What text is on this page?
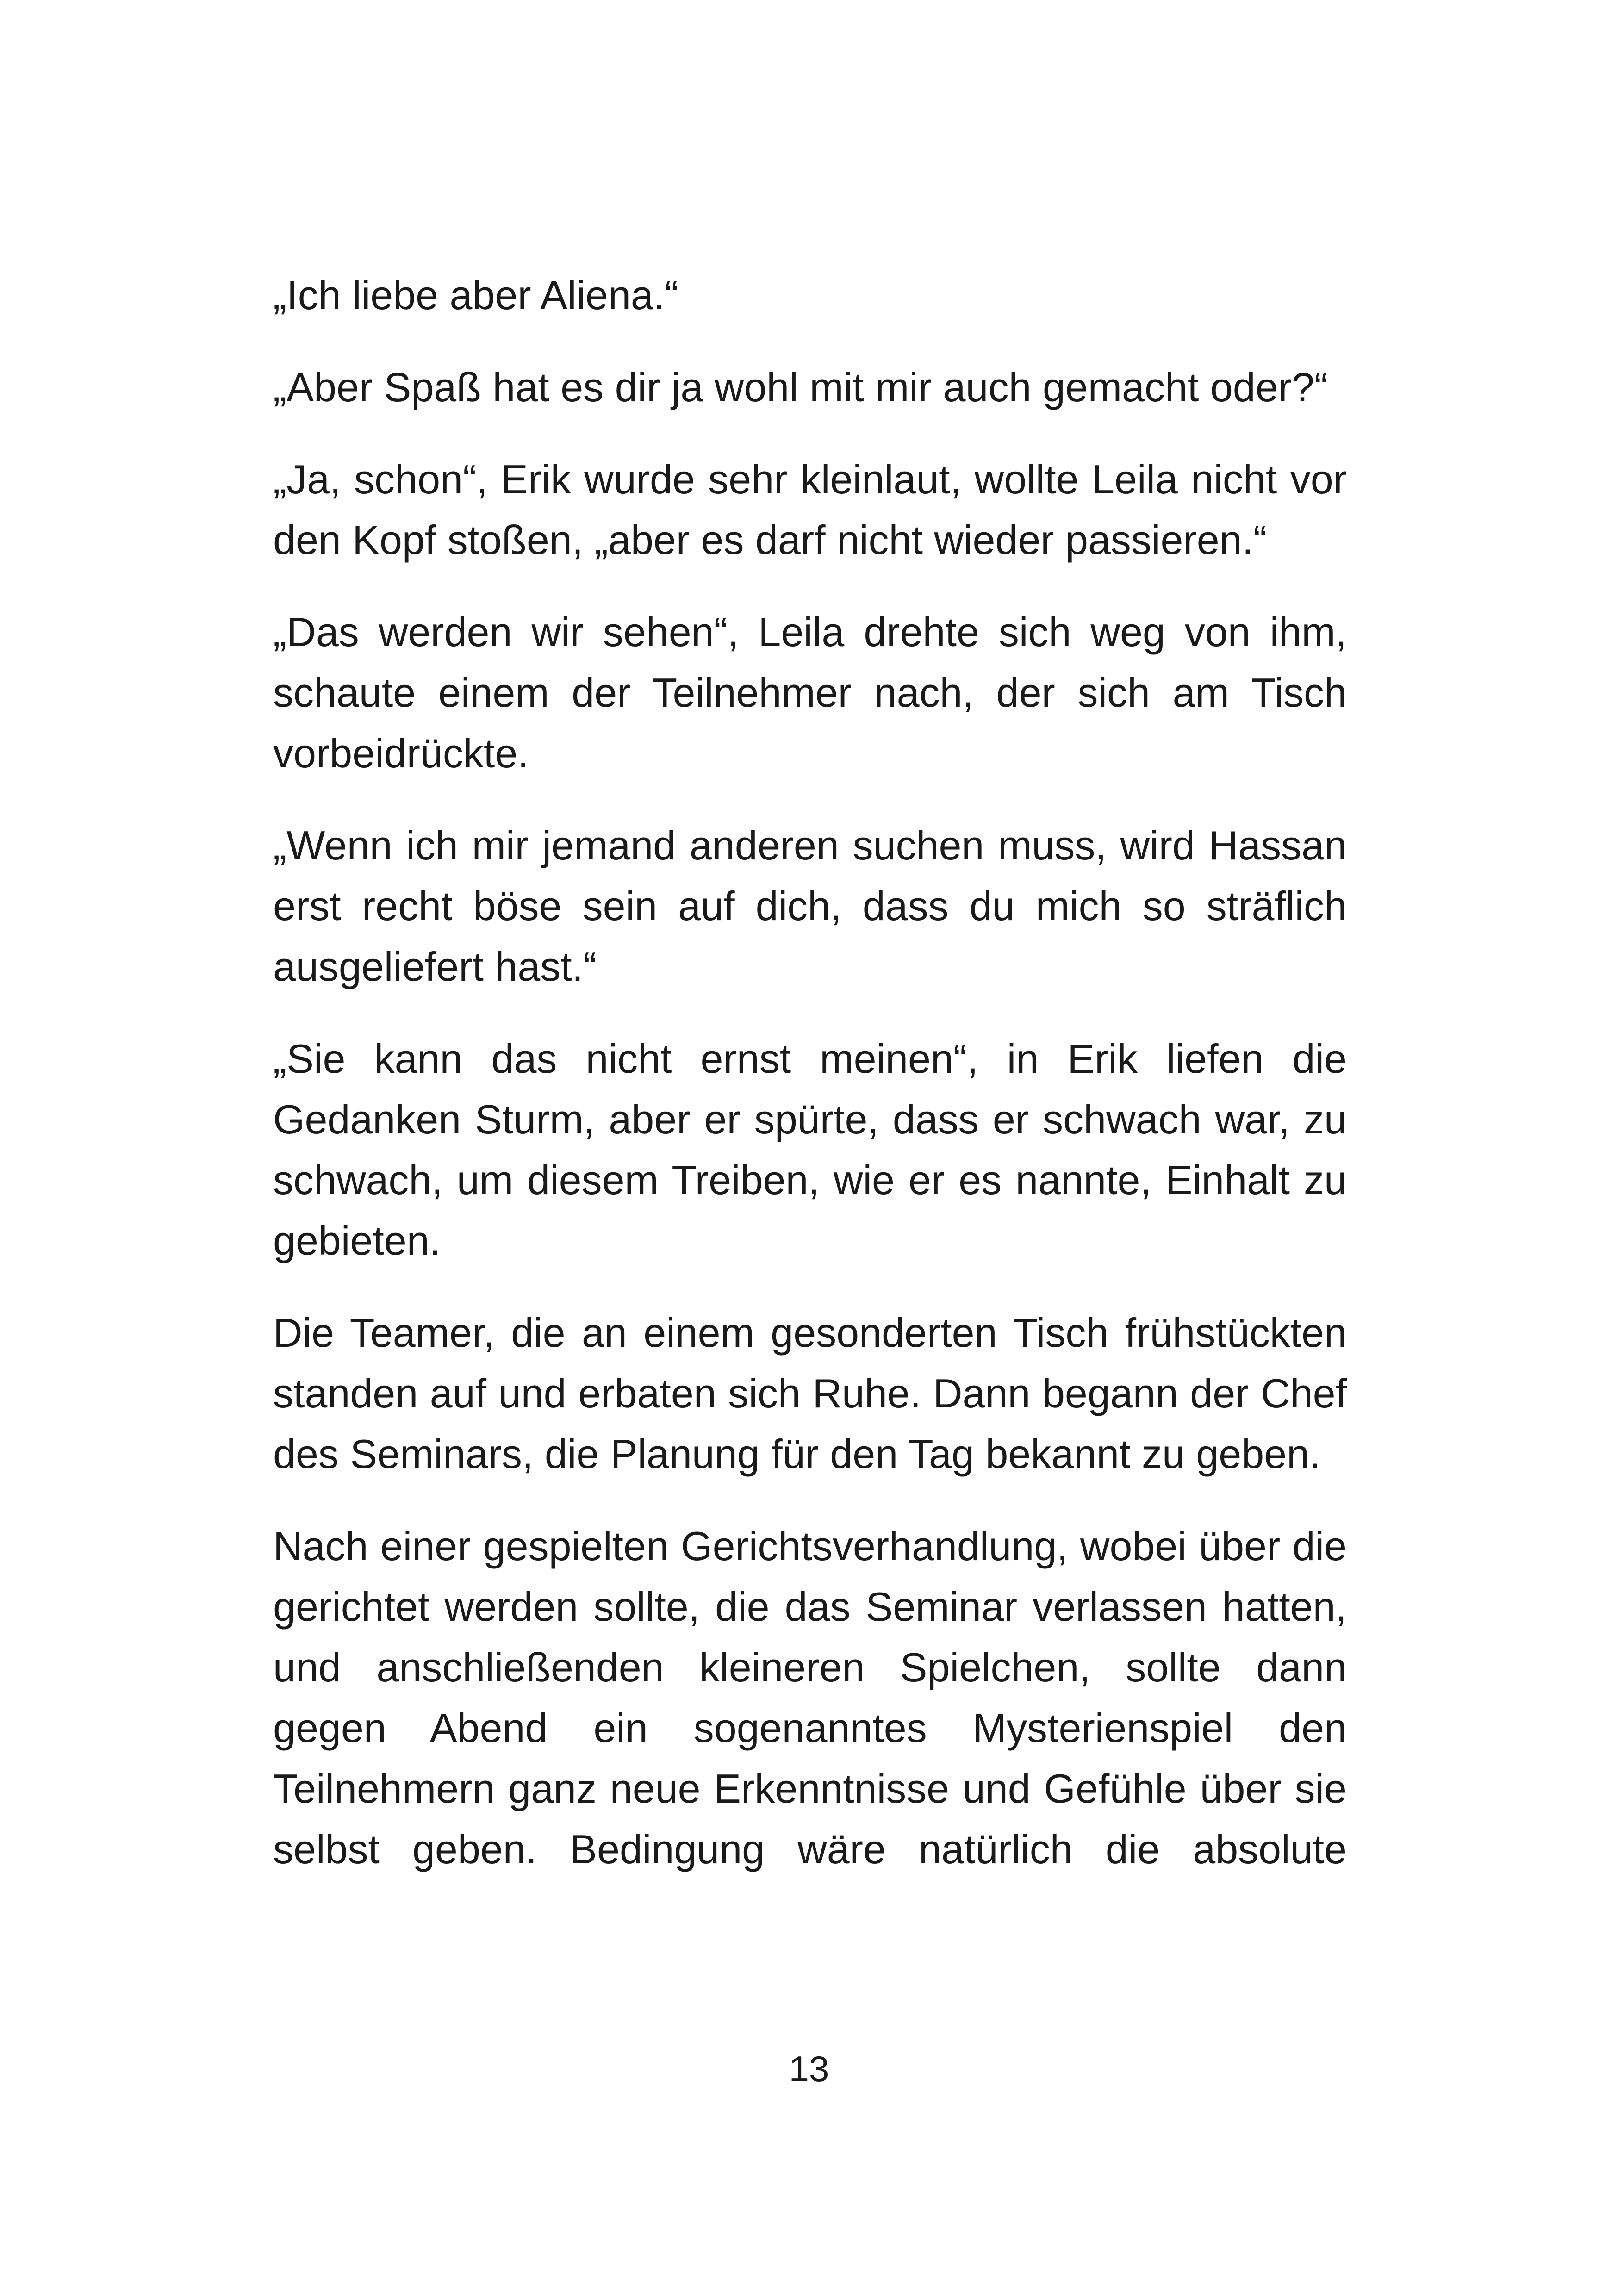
„Ich liebe aber Aliena.“

„Aber Spaß hat es dir ja wohl mit mir auch gemacht oder?“

„Ja, schon“, Erik wurde sehr kleinlaut, wollte Leila nicht vor den Kopf stoßen, „aber es darf nicht wieder passieren.“

„Das werden wir sehen“, Leila drehte sich weg von ihm, schaute einem der Teilnehmer nach, der sich am Tisch vorbeidrückte.

„Wenn ich mir jemand anderen suchen muss, wird Hassan erst recht böse sein auf dich, dass du mich so sträflich ausgeliefert hast.“

„Sie kann das nicht ernst meinen“, in Erik liefen die Gedanken Sturm, aber er spürte, dass er schwach war, zu schwach, um diesem Treiben, wie er es nannte, Einhalt zu gebieten.

Die Teamer, die an einem gesonderten Tisch frühstückten standen auf und erbaten sich Ruhe. Dann begann der Chef des Seminars, die Planung für den Tag bekannt zu geben.

Nach einer gespielten Gerichtsverhandlung, wobei über die gerichtet werden sollte, die das Seminar verlassen hatten, und anschließenden kleineren Spielchen, sollte dann gegen Abend ein sogenanntes Mysterienspiel den Teilnehmern ganz neue Erkenntnisse und Gefühle über sie selbst geben. Bedingung wäre natürlich die absolute

13
